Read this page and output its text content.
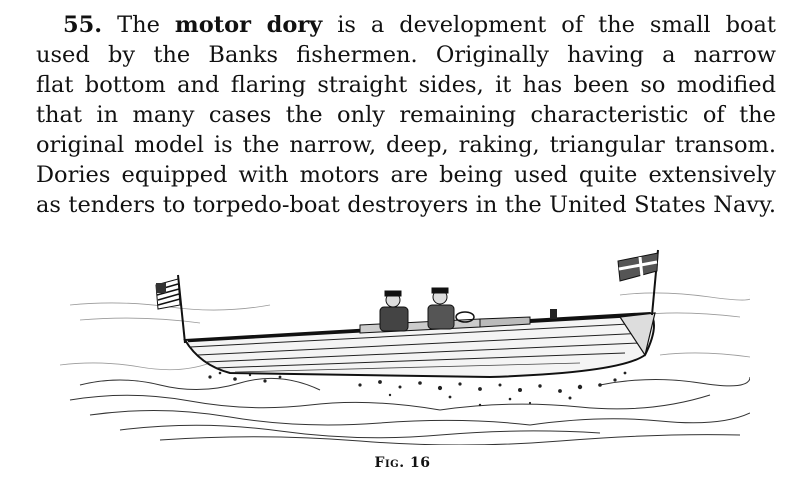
55. The motor dory is a development of the small boat
used by the Banks fishermen. Originally having a narrow
flat bottom and flaring straight sides, it has been so modified
that in many cases the only remaining characteristic of the
original model is the narrow, deep, raking, triangular transom.
Dories equipped with motors are being used quite extensively
as tenders to torpedo-boat destroyers in the United States Navy.
Fig. 16
